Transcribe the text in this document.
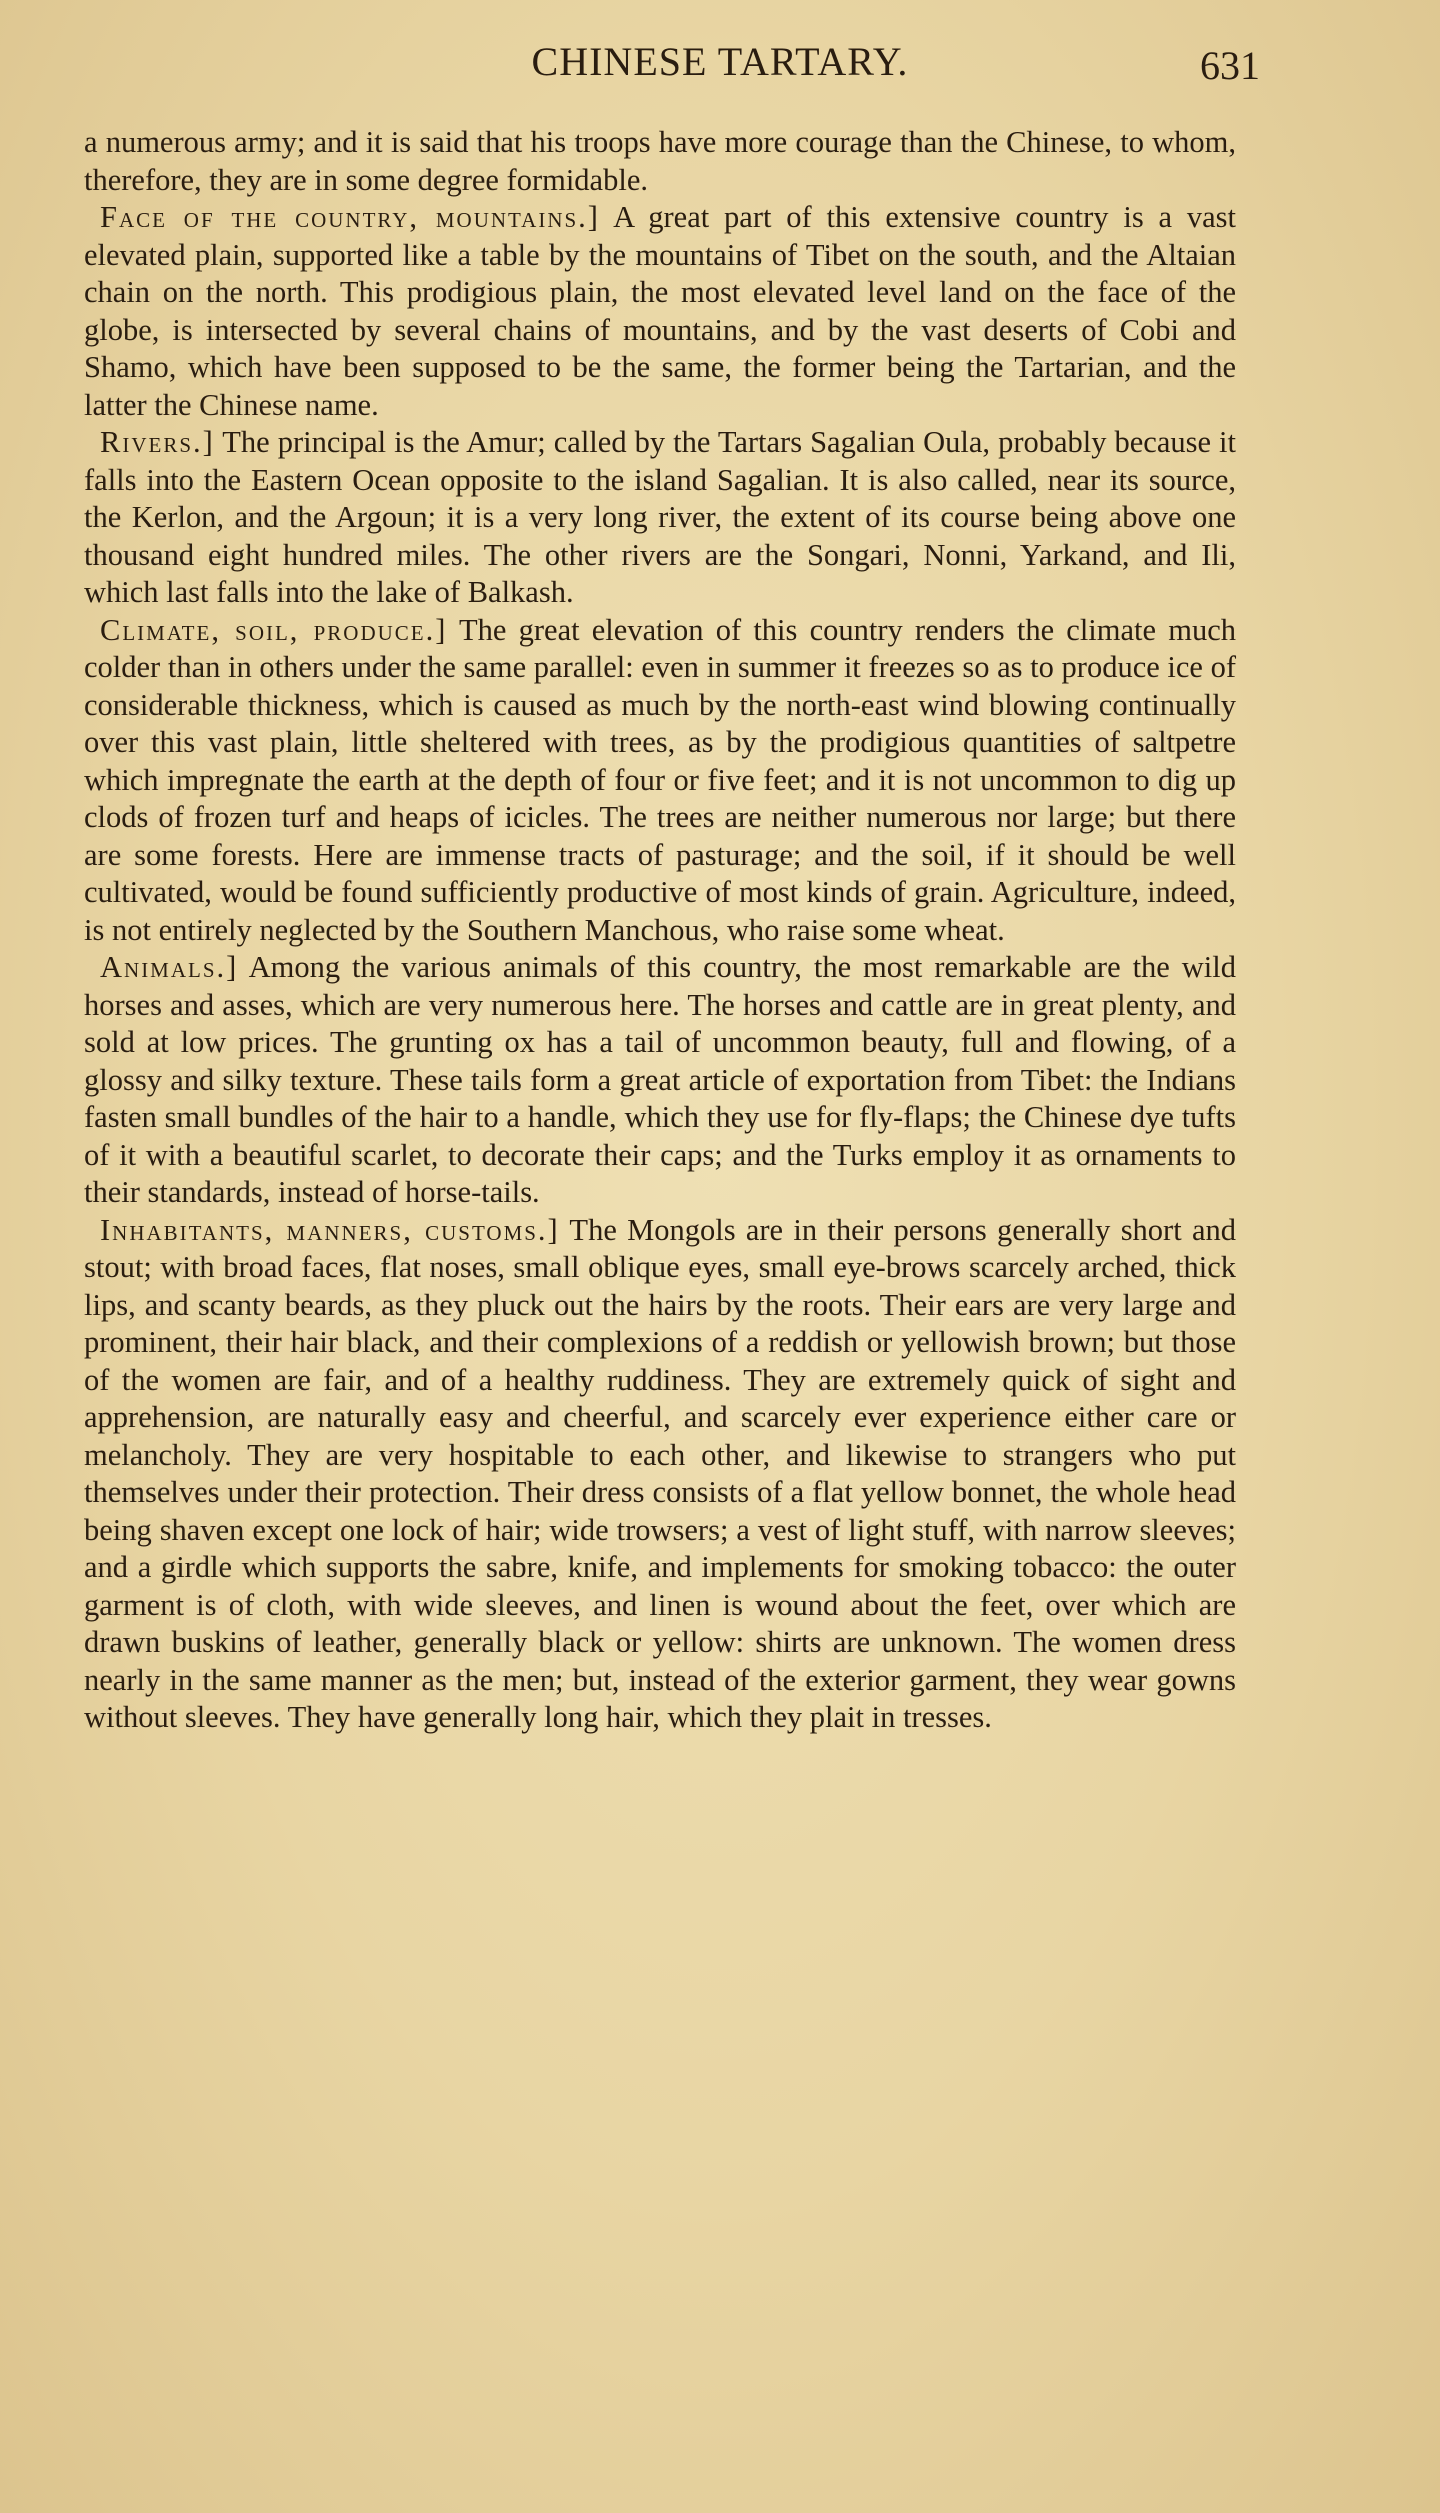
CHINESE TARTARY.	631

a numerous army; and it is said that his troops have more courage than the Chinese, to whom, therefore, they are in some degree formidable.

Face of the country, mountains.] A great part of this extensive country is a vast elevated plain, supported like a table by the mountains of Tibet on the south, and the Altaian chain on the north. This prodigious plain, the most elevated level land on the face of the globe, is intersected by several chains of mountains, and by the vast deserts of Cobi and Shamo, which have been supposed to be the same, the former being the Tartarian, and the latter the Chinese name.

Rivers.] The principal is the Amur; called by the Tartars Sagalian Oula, probably because it falls into the Eastern Ocean opposite to the island Sagalian. It is also called, near its source, the Kerlon, and the Argoun; it is a very long river, the extent of its course being above one thousand eight hundred miles. The other rivers are the Songari, Nonni, Yarkand, and Ili, which last falls into the lake of Balkash.

Climate, soil, produce.] The great elevation of this country renders the climate much colder than in others under the same parallel: even in summer it freezes so as to produce ice of considerable thickness, which is caused as much by the north-east wind blowing continually over this vast plain, little sheltered with trees, as by the prodigious quantities of saltpetre which impregnate the earth at the depth of four or five feet; and it is not uncommon to dig up clods of frozen turf and heaps of icicles. The trees are neither numerous nor large; but there are some forests. Here are immense tracts of pasturage; and the soil, if it should be well cultivated, would be found sufficiently productive of most kinds of grain. Agriculture, indeed, is not entirely neglected by the Southern Manchous, who raise some wheat.

Animals.] Among the various animals of this country, the most remarkable are the wild horses and asses, which are very numerous here. The horses and cattle are in great plenty, and sold at low prices. The grunting ox has a tail of uncommon beauty, full and flowing, of a glossy and silky texture. These tails form a great article of exportation from Tibet: the Indians fasten small bundles of the hair to a handle, which they use for fly-flaps; the Chinese dye tufts of it with a beautiful scarlet, to decorate their caps; and the Turks employ it as ornaments to their standards, instead of horse-tails.

Inhabitants, manners, customs.] The Mongols are in their persons generally short and stout; with broad faces, flat noses, small oblique eyes, small eye-brows scarcely arched, thick lips, and scanty beards, as they pluck out the hairs by the roots. Their ears are very large and prominent, their hair black, and their complexions of a reddish or yellowish brown; but those of the women are fair, and of a healthy ruddiness. They are extremely quick of sight and apprehension, are naturally easy and cheerful, and scarcely ever experience either care or melancholy. They are very hospitable to each other, and likewise to strangers who put themselves under their protection. Their dress consists of a flat yellow bonnet, the whole head being shaven except one lock of hair; wide trowsers; a vest of light stuff, with narrow sleeves; and a girdle which supports the sabre, knife, and implements for smoking tobacco: the outer garment is of cloth, with wide sleeves, and linen is wound about the feet, over which are drawn buskins of leather, generally black or yellow: shirts are unknown. The women dress nearly in the same manner as the men; but, instead of the exterior garment, they wear gowns without sleeves. They have generally long hair, which they plait in tresses.
